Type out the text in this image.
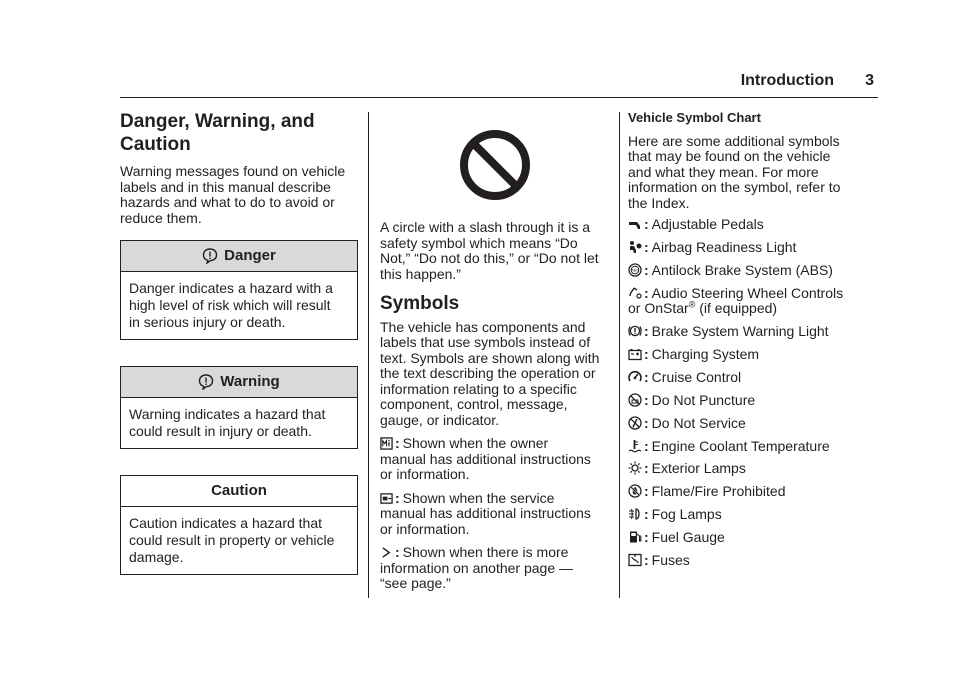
Introduction 3
Danger, Warning, and Caution

Warning messages found on vehicle
labels and in this manual describe
hazards and what to do to avoid or
reduce them.

Danger
Danger indicates a hazard with a
high level of risk which will result
in serious injury or death.
Warning
Warning indicates a hazard that
could result in injury or death.
Caution
Caution indicates a hazard that
could result in property or vehicle
damage.

A circle with a slash through it is a
safety symbol which means “Do
Not,” “Do not do this,” or “Do not let
this happen.”

Symbols

The vehicle has components and
labels that use symbols instead of
text. Symbols are shown along with
the text describing the operation or
information relating to a specific
component, control, message,
gauge, or indicator.

: Shown when the owner
manual has additional instructions
or information.
: Shown when the service
manual has additional instructions
or information.
: Shown when there is more
information on another page —
“see page.”
Vehicle Symbol Chart
Here are some additional symbols
that may be found on the vehicle
and what they mean. For more
information on the symbol, refer to
the Index.
: Adjustable Pedals
: Airbag Readiness Light
ABS : Antilock Brake System (ABS)
: Audio Steering Wheel Controls
or OnStar® (if equipped)
: Brake System Warning Light
: Charging System
: Cruise Control
: Do Not Puncture
: Do Not Service
: Engine Coolant Temperature
: Exterior Lamps
: Flame/Fire Prohibited
: Fog Lamps
: Fuel Gauge
: Fuses
